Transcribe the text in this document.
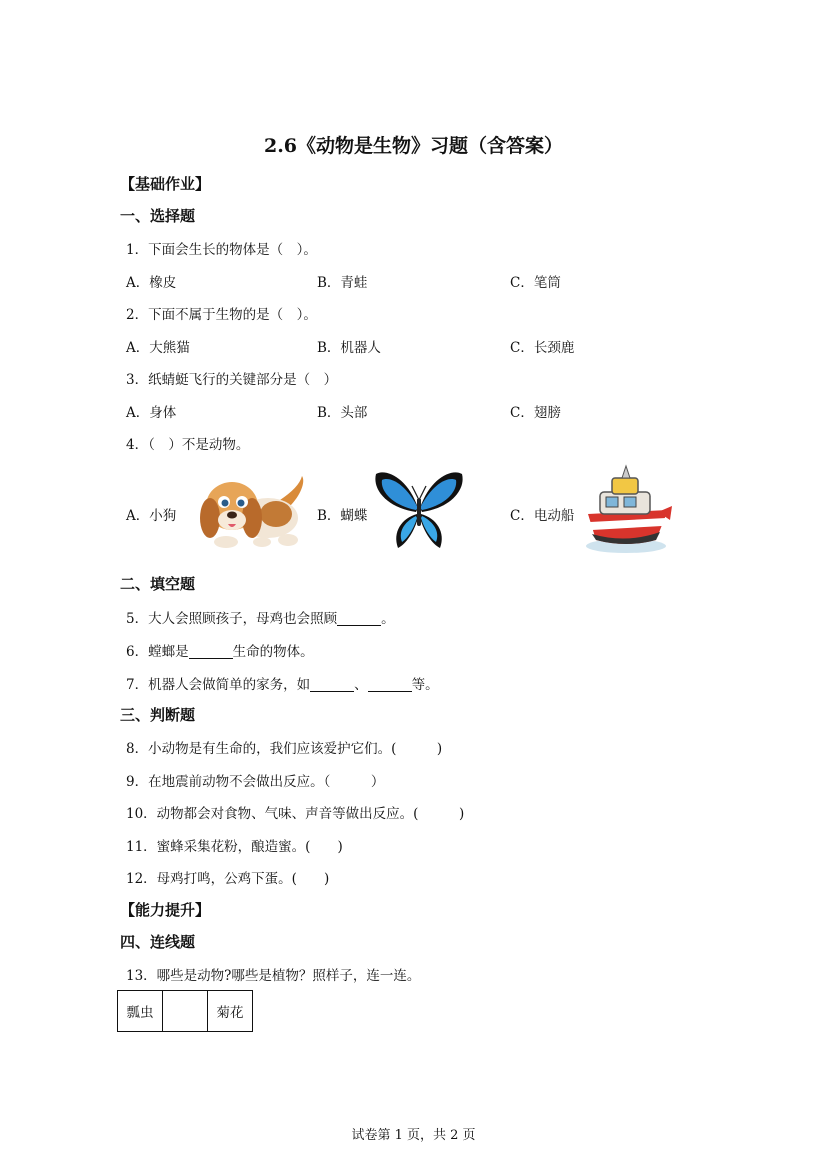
2.6《动物是生物》习题（含答案）
【基础作业】
一、选择题
1．下面会生长的物体是（　）。
A．橡皮	B．青蛙	C．笔筒
2．下面不属于生物的是（　）。
A．大熊猫	B．机器人	C．长颈鹿
3．纸蜻蜓飞行的关键部分是（　）
A．身体	B．头部	C．翅膀
4．（　）不是动物。
A．小狗	B．蝴蝶	C．电动船
二、填空题
5．大人会照顾孩子，母鸡也会照顾	。
6．螳螂是	生命的物体。
7．机器人会做简单的家务，如	、	等。
三、判断题
8．小动物是有生命的，我们应该爱护它们。(　　　)
9．在地震前动物不会做出反应。（　　　）
10．动物都会对食物、气味、声音等做出反应。(　　　)
11．蜜蜂采集花粉，酿造蜜。(　　)
12．母鸡打鸣，公鸡下蛋。(　　)
【能力提升】
四、连线题
13．哪些是动物?哪些是植物？照样子，连一连。
瓢虫		菊花
试卷第 1 页，共 2 页
